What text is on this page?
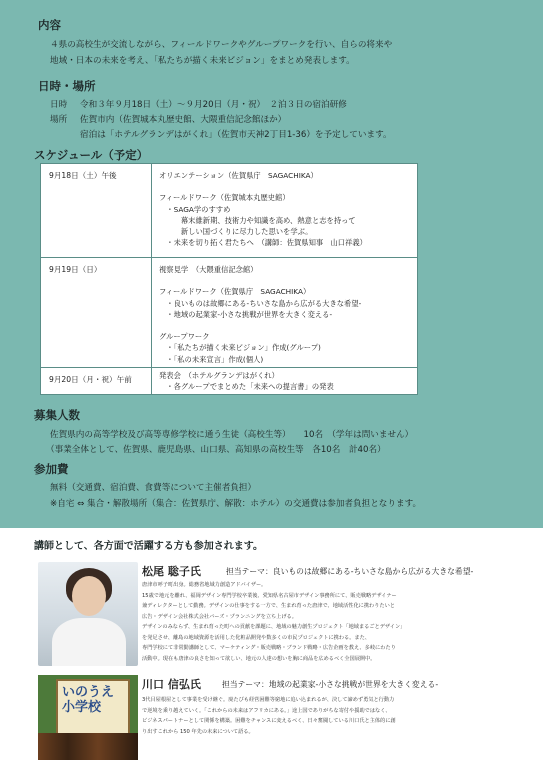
内容
４県の高校生が交流しながら、フィールドワークやグループワークを行い、自らの将来や
地域・日本の未来を考え、「私たちが描く未来ビジョン」をまとめ発表します。
日時・場所
日時 令和３年９月18日（土）～９月20日（月・祝）　２泊３日の宿泊研修
場所 佐賀市内（佐賀城本丸歴史館、大隈重信記念館ほか）
宿泊は「ホテルグランデはがくれ」（佐賀市天神2丁目1-36）を予定しています。
スケジュール（予定）
9月18日（土）午後	オリエンテーション（佐賀県庁　SAGACHIKA）
フィールドワーク（佐賀城本丸歴史館）
　・SAGA学のすすめ
　　　幕末維新期、技術力や知識を高め、熱意と志を持って
　　　新しい国づくりに尽力した思いを学ぶ。
　・未来を切り拓く君たちへ　（講師：佐賀県知事　山口祥義）
9月19日（日）	視察見学　（大隈重信記念館）
フィールドワーク（佐賀県庁　SAGACHIKA）
　・良いものは故郷にある-ちいさな島から広がる大きな希望-
　・地域の起業家-小さな挑戦が世界を大きく変える-
グループワーク
　・「私たちが描く未来ビジョン」作成(グループ)
　・「私の未来宣言」作成(個人)
9月20日（月・祝）午前	発表会　（ホテルグランデはがくれ）
　・各グループでまとめた「未来への提言書」の発表
募集人数
佐賀県内の高等学校及び高等専修学校に通う生徒（高校生等）　　10名　（学年は問いません）
（事業全体として、佐賀県、鹿児島県、山口県、高知県の高校生等　各10名　計40名）
参加費
無料（交通費、宿泊費、食費等について主催者負担）
※自宅 ⇔ 集合・解散場所（集合：佐賀県庁、解散：ホテル）の交通費は参加者負担となります。
講師として、各方面で活躍する方も参加されます。
松尾 聡子氏	担当テーマ：良いものは故郷にある-ちいさな島から広がる大きな希望-
唐津市呼子町出身。総務省地域力創造アドバイザー。
15歳で地元を離れ、福岡デザイン専門学校卒業後、愛知県名古屋市デザイン事務所にて、販売戦略デザイナー
兼ディレクターとして勤務。デザインの仕事をする一方で、生まれ育った唐津で、地域活性化に携わりたいと
広告・デザイン会社株式会社バーズ・プランニングを立ち上げる。
デザインのみならず、生まれ育った町への貢献を課題に、地域の魅力創生プロジェクト「地域まるごとデザイン」
を発足させ、離島の地域資源を活用した化粧品開発や数多くの市民プロジェクトに携わる。また、
専門学校にて非常勤講師として、マーケティング・販売戦略・ブランド戦略・広告企画を教え、多岐にわたり
活動中。現在も唐津の良さを知って欲しい、地元の人達の想いを胸に商品を広めるべく全国展開中。
いのうえ小学校
川口 信弘氏	担当テーマ：地域の起業家-小さな挑戦が世界を大きく変える-
3代目屋根屋として事業を受け継ぐ。廃たびも経営困難等窮地に追い込まれるが、決して諦めず勇気と行動力
で逆境を乗り越えていく。「これからの未来はアフリカにある。」途上国でありがちな寄付や援助ではなく、
ビジネスパートナーとして関係を構築。困難をチャンスに変えるべく、日々奮闘している川口氏と主体的に創
り出すこれから 150 年先の未来について語る。
